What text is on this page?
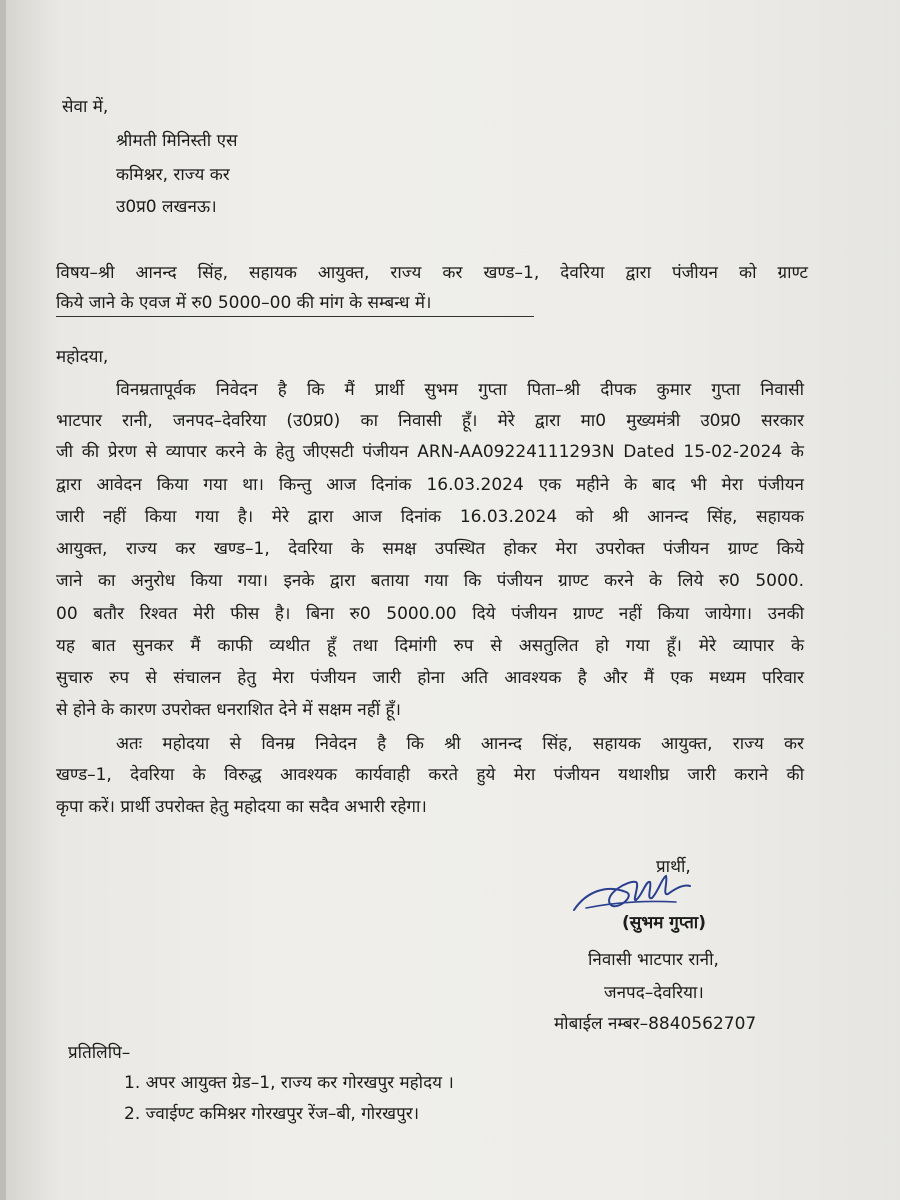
सेवा में,
श्रीमती मिनिस्ती एस
कमिश्नर, राज्य कर
उ0प्र0 लखनऊ।
विषय–श्री आनन्द सिंह, सहायक आयुक्त, राज्य कर खण्ड–1, देवरिया द्वारा पंजीयन को ग्राण्ट
किये जाने के एवज में रु0 5000–00 की मांग के सम्बन्ध में।
महोदया,
विनम्रतापूर्वक निवेदन है कि मैं प्रार्थी सुभम गुप्ता पिता–श्री दीपक कुमार गुप्ता निवासी
भाटपार रानी, जनपद–देवरिया (उ0प्र0) का निवासी हूँ। मेरे द्वारा मा0 मुख्यमंत्री उ0प्र0 सरकार
जी की प्रेरण से व्यापार करने के हेतु जीएसटी पंजीयन ARN-AA09224111293N Dated 15-02-2024 के
द्वारा आवेदन किया गया था। किन्तु आज दिनांक 16.03.2024 एक महीने के बाद भी मेरा पंजीयन
जारी नहीं किया गया है। मेरे द्वारा आज दिनांक 16.03.2024 को श्री आनन्द सिंह, सहायक
आयुक्त, राज्य कर खण्ड–1, देवरिया के समक्ष उपस्थित होकर मेरा उपरोक्त पंजीयन ग्राण्ट किये
जाने का अनुरोध किया गया। इनके द्वारा बताया गया कि पंजीयन ग्राण्ट करने के लिये रु0 5000.
00 बतौर रिश्वत मेरी फीस है। बिना रु0 5000.00 दिये पंजीयन ग्राण्ट नहीं किया जायेगा। उनकी
यह बात सुनकर मैं काफी व्यथीत हूँ तथा दिमांगी रुप से असतुलित हो गया हूँ। मेरे व्यापार के
सुचारु रुप से संचालन हेतु मेरा पंजीयन जारी होना अति आवश्यक है और मैं एक मध्यम परिवार
से होने के कारण उपरोक्त धनराशित देने में सक्षम नहीं हूँ।
अतः महोदया से विनम्र निवेदन है कि श्री आनन्द सिंह, सहायक आयुक्त, राज्य कर
खण्ड–1, देवरिया के विरुद्ध आवश्यक कार्यवाही करते हुये मेरा पंजीयन यथाशीघ्र जारी कराने की
कृपा करें। प्रार्थी उपरोक्त हेतु महोदया का सदैव अभारी रहेगा।
प्रार्थी,
(सुभम गुप्ता)
निवासी भाटपार रानी,
जनपद–देवरिया।
मोबाईल नम्बर–8840562707
प्रतिलिपि–
1. अपर आयुक्त ग्रेड–1, राज्य कर गोरखपुर महोदय ।
2. ज्वाईण्ट कमिश्नर गोरखपुर रेंज–बी, गोरखपुर।
